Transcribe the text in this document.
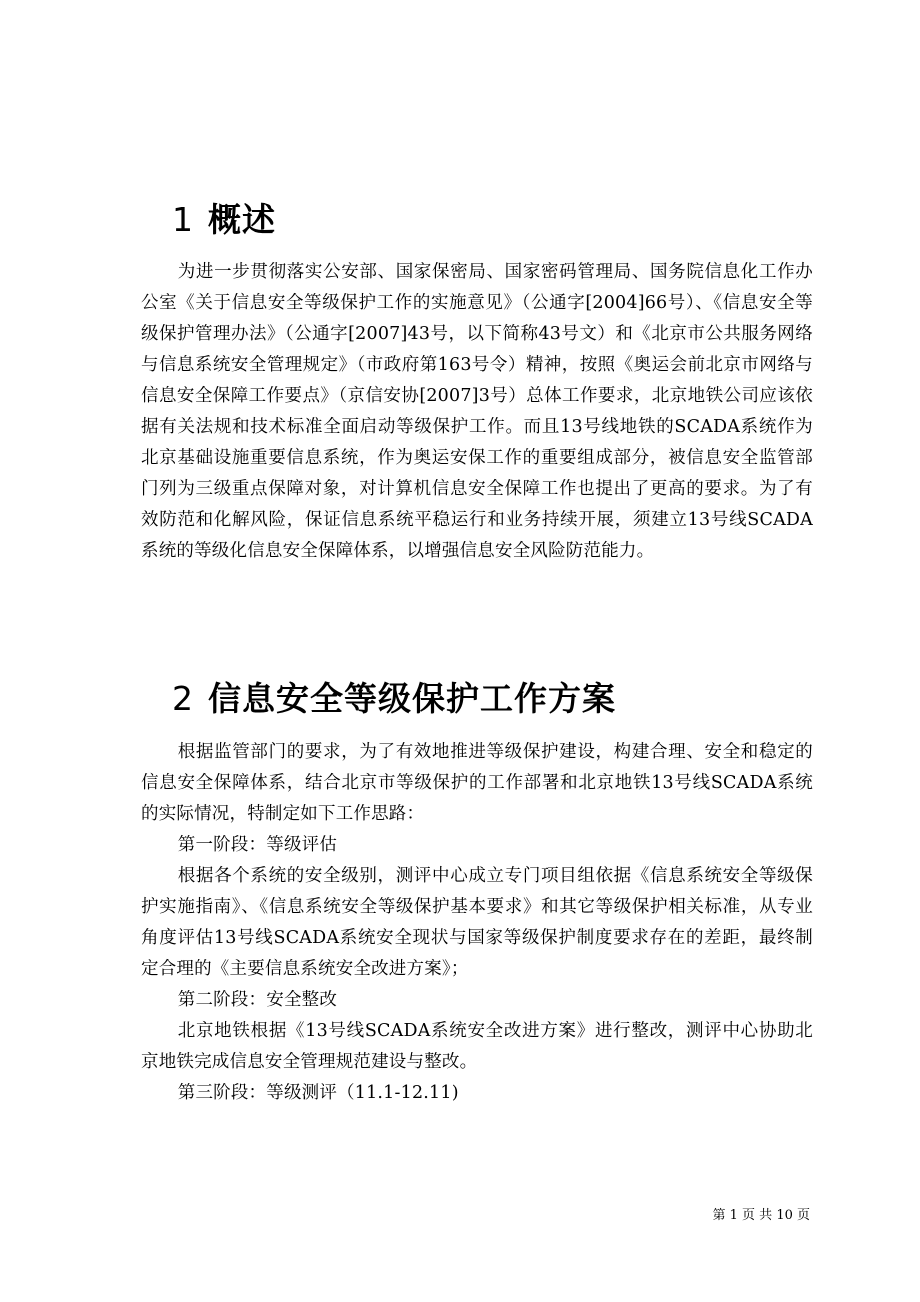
1 概述

为进一步贯彻落实公安部、国家保密局、国家密码管理局、国务院信息化工作办公室《关于信息安全等级保护工作的实施意见》（公通字[2004]66号）、《信息安全等级保护管理办法》（公通字[2007]43号，以下简称43号文）和《北京市公共服务网络与信息系统安全管理规定》（市政府第163号令）精神，按照《奥运会前北京市网络与信息安全保障工作要点》（京信安协[2007]3号）总体工作要求，北京地铁公司应该依据有关法规和技术标准全面启动等级保护工作。而且13号线地铁的SCADA系统作为北京基础设施重要信息系统，作为奥运安保工作的重要组成部分，被信息安全监管部门列为三级重点保障对象，对计算机信息安全保障工作也提出了更高的要求。为了有效防范和化解风险，保证信息系统平稳运行和业务持续开展，须建立13号线SCADA系统的等级化信息安全保障体系，以增强信息安全风险防范能力。

2 信息安全等级保护工作方案

根据监管部门的要求，为了有效地推进等级保护建设，构建合理、安全和稳定的信息安全保障体系，结合北京市等级保护的工作部署和北京地铁13号线SCADA系统的实际情况，特制定如下工作思路：

第一阶段：等级评估

根据各个系统的安全级别，测评中心成立专门项目组依据《信息系统安全等级保护实施指南》、《信息系统安全等级保护基本要求》和其它等级保护相关标准，从专业角度评估13号线SCADA系统安全现状与国家等级保护制度要求存在的差距，最终制定合理的《主要信息系统安全改进方案》；

第二阶段：安全整改

北京地铁根据《13号线SCADA系统安全改进方案》进行整改，测评中心协助北京地铁完成信息安全管理规范建设与整改。

第三阶段：等级测评（11.1-12.11)

第 1 页 共 10 页
